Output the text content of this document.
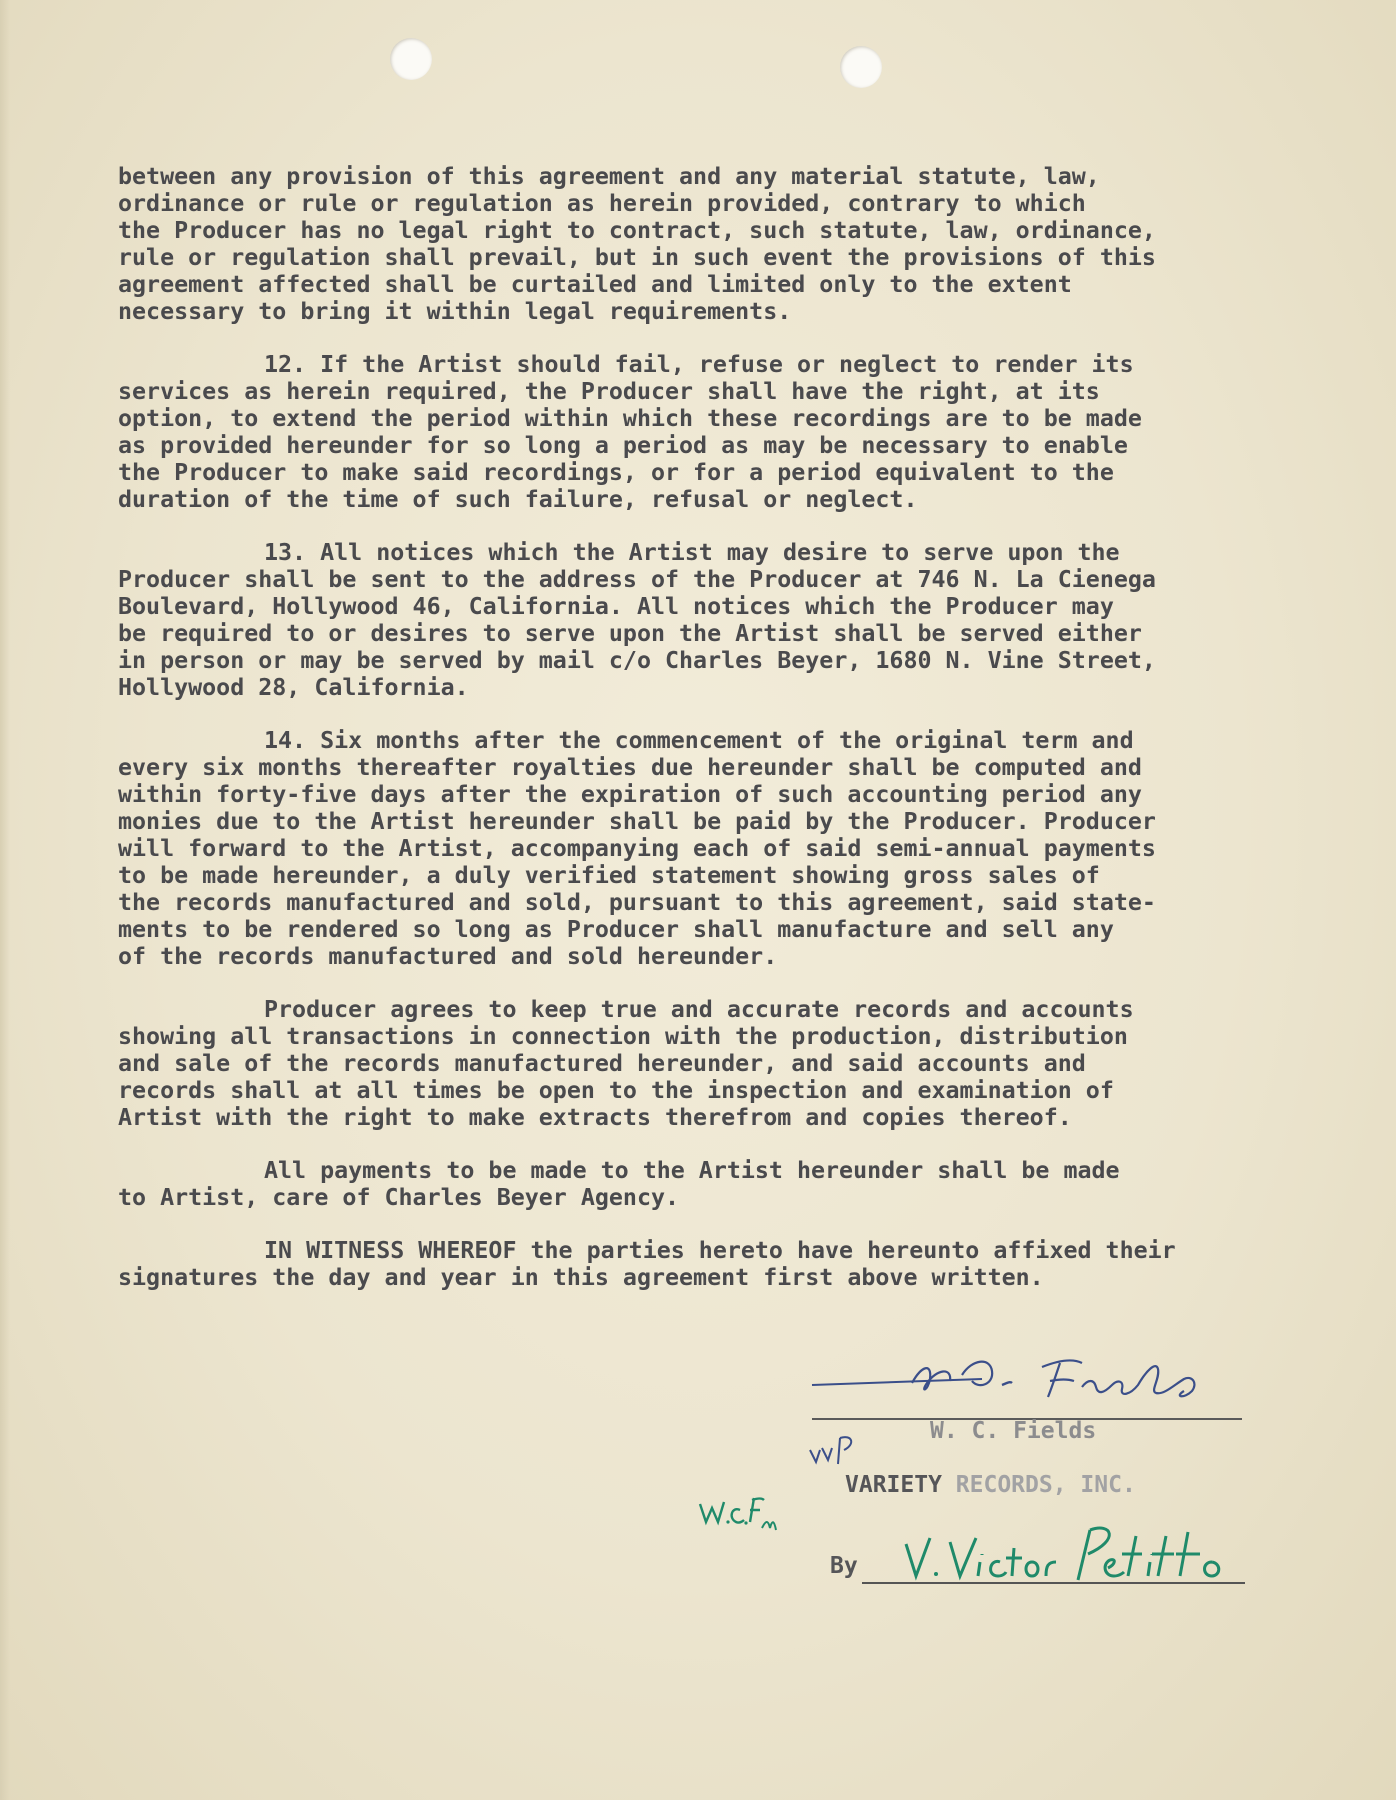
between any provision of this agreement and any material statute, law,
ordinance or rule or regulation as herein provided, contrary to which
the Producer has no legal right to contract, such statute, law, ordinance,
rule or regulation shall prevail, but in such event the provisions of this
agreement affected shall be curtailed and limited only to the extent
necessary to bring it within legal requirements.
12. If the Artist should fail, refuse or neglect to render its
services as herein required, the Producer shall have the right, at its
option, to extend the period within which these recordings are to be made
as provided hereunder for so long a period as may be necessary to enable
the Producer to make said recordings, or for a period equivalent to the
duration of the time of such failure, refusal or neglect.
13. All notices which the Artist may desire to serve upon the
Producer shall be sent to the address of the Producer at 746 N. La Cienega
Boulevard, Hollywood 46, California. All notices which the Producer may
be required to or desires to serve upon the Artist shall be served either
in person or may be served by mail c/o Charles Beyer, 1680 N. Vine Street,
Hollywood 28, California.
14. Six months after the commencement of the original term and
every six months thereafter royalties due hereunder shall be computed and
within forty-five days after the expiration of such accounting period any
monies due to the Artist hereunder shall be paid by the Producer. Producer
will forward to the Artist, accompanying each of said semi-annual payments
to be made hereunder, a duly verified statement showing gross sales of
the records manufactured and sold, pursuant to this agreement, said state-
ments to be rendered so long as Producer shall manufacture and sell any
of the records manufactured and sold hereunder.
Producer agrees to keep true and accurate records and accounts
showing all transactions in connection with the production, distribution
and sale of the records manufactured hereunder, and said accounts and
records shall at all times be open to the inspection and examination of
Artist with the right to make extracts therefrom and copies thereof.
All payments to be made to the Artist hereunder shall be made
to Artist, care of Charles Beyer Agency.
IN WITNESS WHEREOF the parties hereto have hereunto affixed their
signatures the day and year in this agreement first above written.
W. C. Fields
VARIETY RECORDS, INC.
By
